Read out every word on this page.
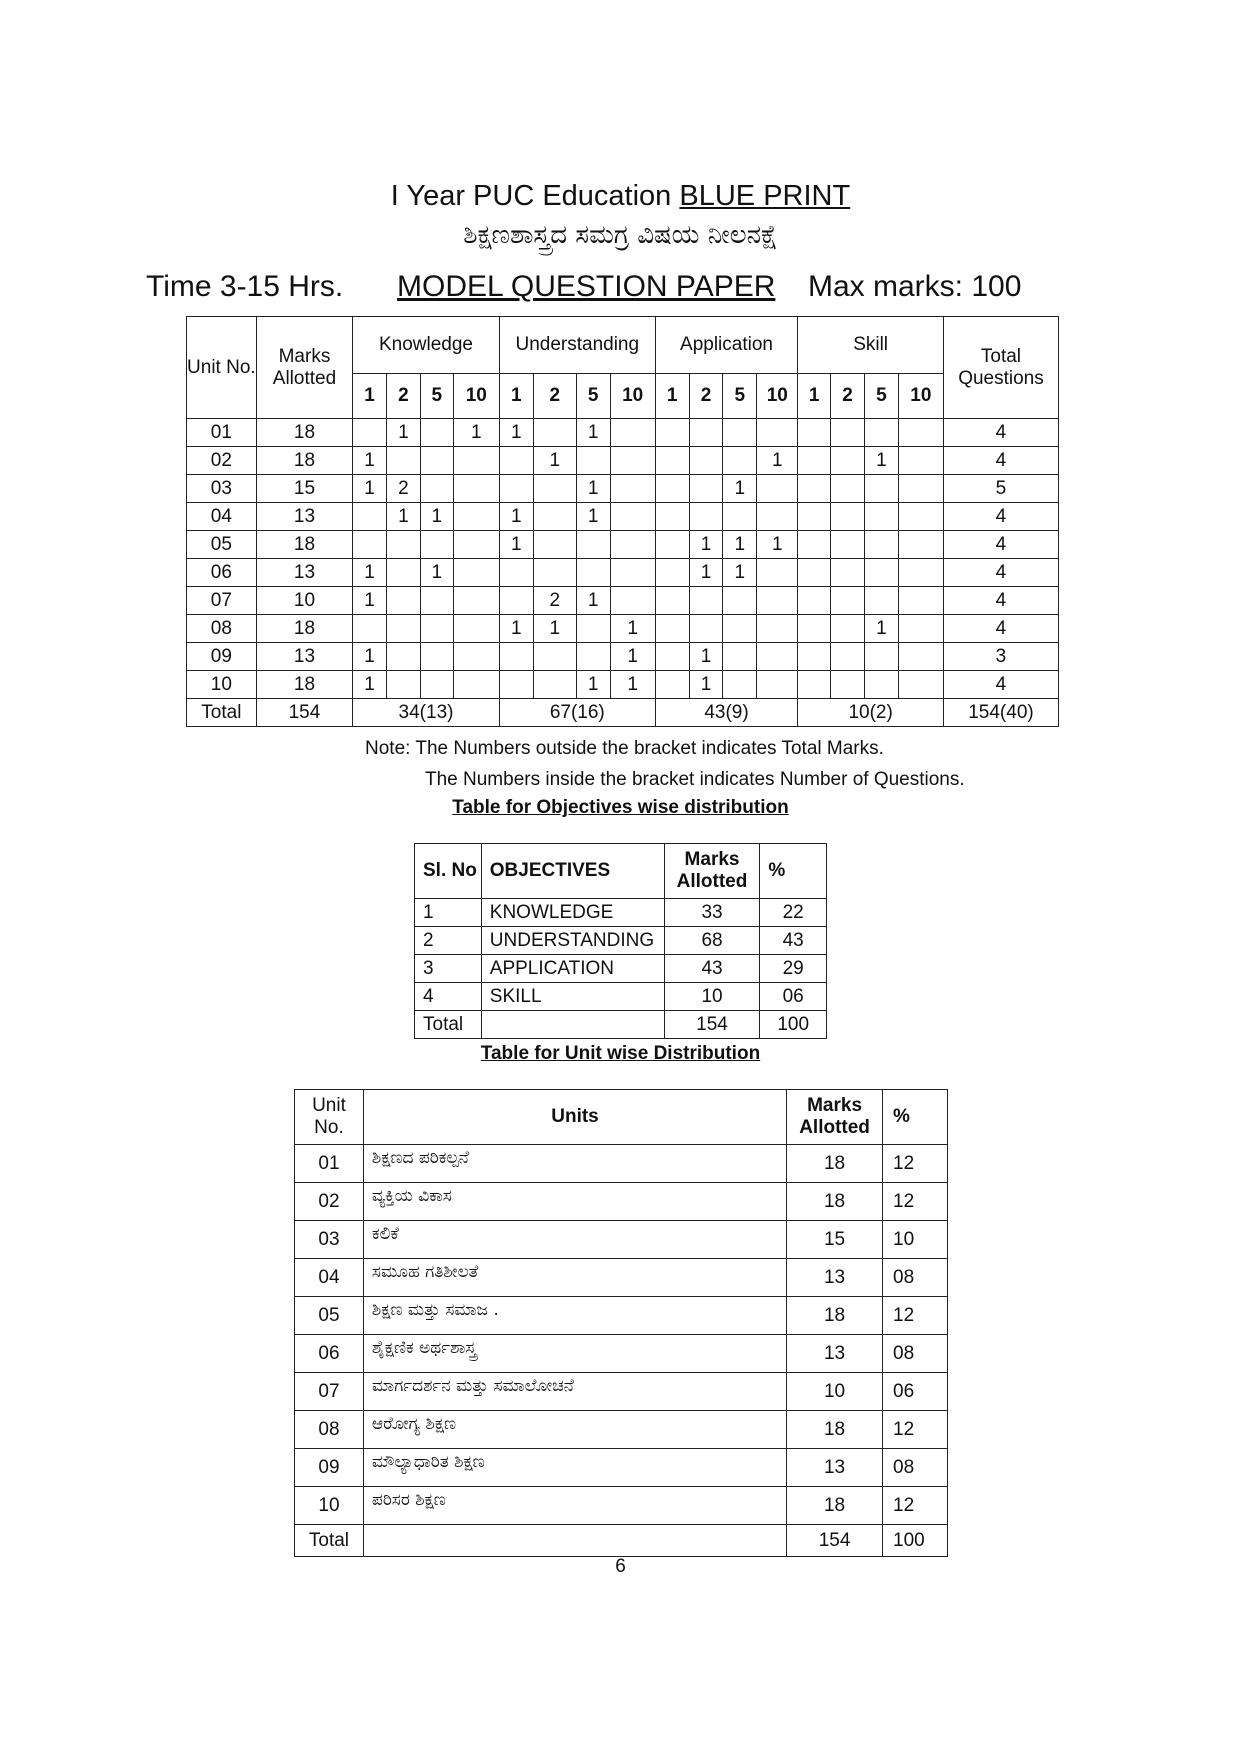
I Year PUC Education BLUE PRINT
ಶಿಕ್ಷಣಶಾಸ್ತ್ರದ ಸಮಗ್ರ ವಿಷಯ ನೀಲನಕ್ಷೆ
Time 3-15 Hrs. MODEL QUESTION PAPER Max marks: 100
Unit No.	Marks Allotted	Knowledge				Understanding				Application				Skill				Total Questions
		1	2	5	10	1	2	5	10	1	2	5	10	1	2	5	10	
01	18		1		1	1		1										4
02	18	1					1						1			1		4
03	15	1	2					1				1						5
04	13		1	1		1		1										4
05	18					1					1	1	1					4
06	13	1		1							1	1						4
07	10	1					2	1										4
08	18					1	1		1							1		4
09	13	1							1		1							3
10	18	1						1	1		1							4
Total	154	34(13)				67(16)				43(9)				10(2)				154(40)
Note: The Numbers outside the bracket indicates Total Marks.
The Numbers inside the bracket indicates Number of Questions.
Table for Objectives wise distribution
Sl. No	OBJECTIVES	Marks Allotted	%
1	KNOWLEDGE	33	22
2	UNDERSTANDING	68	43
3	APPLICATION	43	29
4	SKILL	10	06
Total		154	100
Table for Unit wise Distribution
Unit No.	Units	Marks Allotted	%
01	ಶಿಕ್ಷಣದ ಪರಿಕಲ್ಪನೆ	18	12
02	ವ್ಯಕ್ತಿಯ ವಿಕಾಸ	18	12
03	ಕಲಿಕೆ	15	10
04	ಸಮೂಹ ಗತಿಶೀಲತೆ	13	08
05	ಶಿಕ್ಷಣ ಮತ್ತು ಸಮಾಜ .	18	12
06	ಶೈಕ್ಷಣಿಕ ಅರ್ಥಶಾಸ್ತ್ರ	13	08
07	ಮಾರ್ಗದರ್ಶನ ಮತ್ತು ಸಮಾಲೋಚನೆ	10	06
08	ಆರೋಗ್ಯ ಶಿಕ್ಷಣ	18	12
09	ಮೌಲ್ಯಾಧಾರಿತ ಶಿಕ್ಷಣ	13	08
10	ಪರಿಸರ ಶಿಕ್ಷಣ	18	12
Total		154	100
6
